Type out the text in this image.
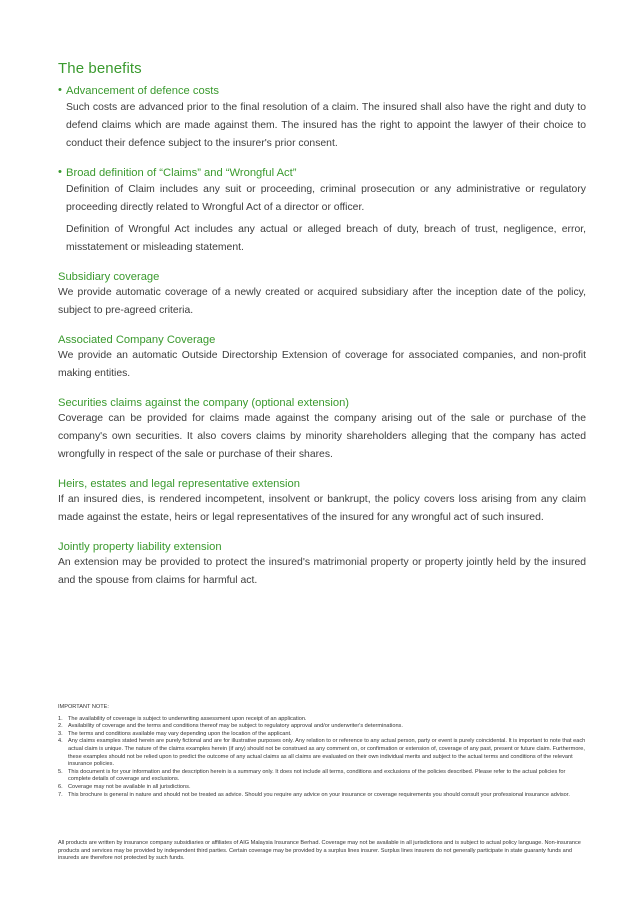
The benefits
• Advancement of defence costs

Such costs are advanced prior to the final resolution of a claim. The insured shall also have the right and duty to defend claims which are made against them. The insured has the right to appoint the lawyer of their choice to conduct their defence subject to the insurer's prior consent.

• Broad definition of “Claims” and “Wrongful Act”

Definition of Claim includes any suit or proceeding, criminal prosecution or any administrative or regulatory proceeding directly related to Wrongful Act of a director or officer.

Definition of Wrongful Act includes any actual or alleged breach of duty, breach of trust, negligence, error, misstatement or misleading statement.

Subsidiary coverage

We provide automatic coverage of a newly created or acquired subsidiary after the inception date of the policy, subject to pre-agreed criteria.

Associated Company Coverage

We provide an automatic Outside Directorship Extension of coverage for associated companies, and non-profit making entities.

Securities claims against the company (optional extension)

Coverage can be provided for claims made against the company arising out of the sale or purchase of the company's own securities. It also covers claims by minority shareholders alleging that the company has acted wrongfully in respect of the sale or purchase of their shares.

Heirs, estates and legal representative extension

If an insured dies, is rendered incompetent, insolvent or bankrupt, the policy covers loss arising from any claim made against the estate, heirs or legal representatives of the insured for any wrongful act of such insured.

Jointly property liability extension

An extension may be provided to protect the insured's matrimonial property or property jointly held by the insured and the spouse from claims for harmful act.

IMPORTANT NOTE:
1. The availability of coverage is subject to underwriting assessment upon receipt of an application.
2. Availability of coverage and the terms and conditions thereof may be subject to regulatory approval and/or underwriter's determinations.
3. The terms and conditions available may vary depending upon the location of the applicant.
4. Any claims examples stated herein are purely fictional and are for illustrative purposes only. Any relation to or reference to any actual person, party or event is purely coincidental. It is important to note that each actual claim is unique. The nature of the claims examples herein (if any) should not be construed as any comment on, or confirmation or extension of, coverage of any past, present or future claim. Furthermore, these examples should not be relied upon to predict the outcome of any actual claims as all claims are evaluated on their own individual merits and subject to the actual terms and conditions of the relevant insurance policies.
5. This document is for your information and the description herein is a summary only. It does not include all terms, conditions and exclusions of the policies described. Please refer to the actual policies for complete details of coverage and exclusions.
6. Coverage may not be available in all jurisdictions.
7. This brochure is general in nature and should not be treated as advice. Should you require any advice on your insurance or coverage requirements you should consult your professional insurance advisor.
All products are written by insurance company subsidiaries or affiliates of AIG Malaysia Insurance Berhad. Coverage may not be available in all jurisdictions and is subject to actual policy language. Non-insurance products and services may be provided by independent third parties. Certain coverage may be provided by a surplus lines insurer. Surplus lines insurers do not generally participate in state guaranty funds and insureds are therefore not protected by such funds.
